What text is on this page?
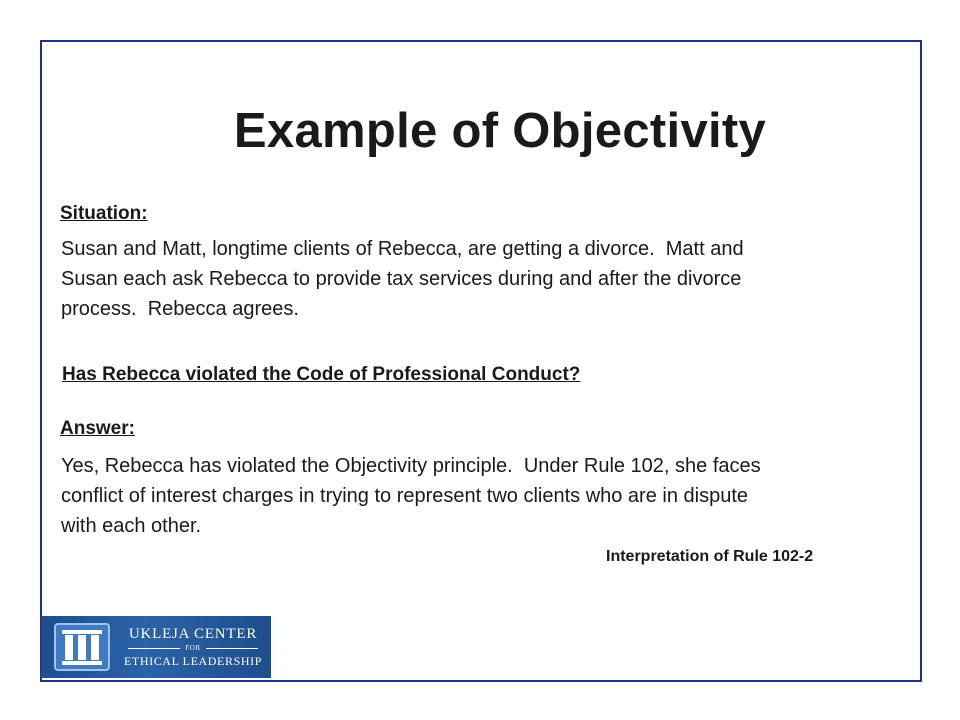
Example of Objectivity
Situation:
Susan and Matt, longtime clients of Rebecca, are getting a divorce.  Matt and
Susan each ask Rebecca to provide tax services during and after the divorce
process.  Rebecca agrees.
Has Rebecca violated the Code of Professional Conduct?
Answer:
Yes, Rebecca has violated the Objectivity principle.  Under Rule 102, she faces
conflict of interest charges in trying to represent two clients who are in dispute
with each other.
Interpretation of Rule 102-2
UKLEJA CENTER
FOR
ETHICAL LEADERSHIP
